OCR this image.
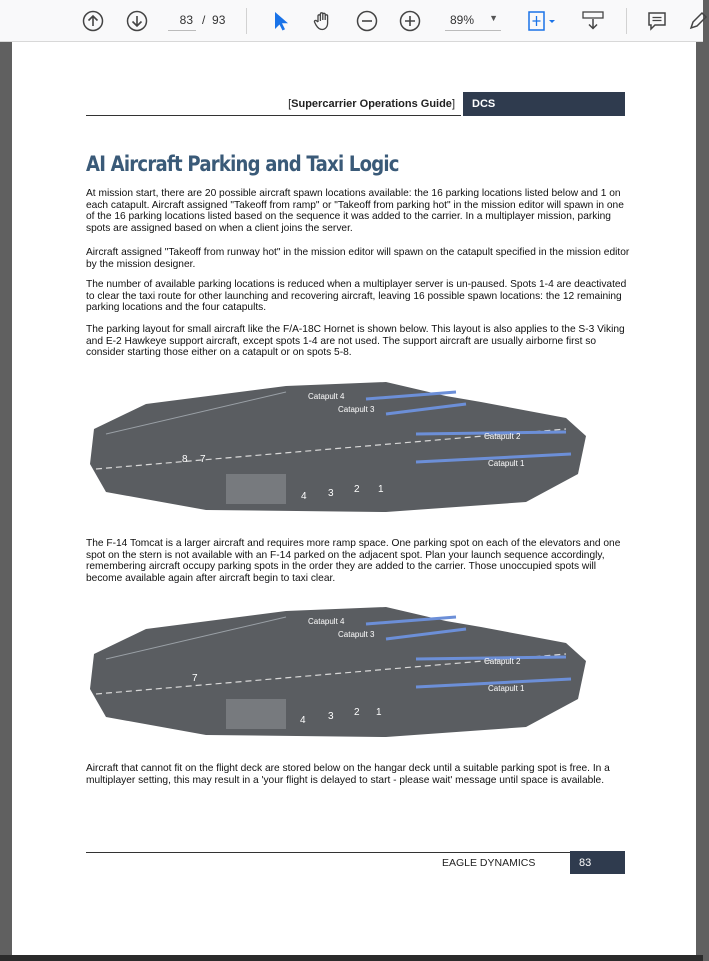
83
/ 93	89% ▼
[Supercarrier Operations Guide]	DCS
AI Aircraft Parking and Taxi Logic

At mission start, there are 20 possible aircraft spawn locations available: the 16 parking locations listed below and 1 on each catapult. Aircraft assigned "Takeoff from ramp" or "Takeoff from parking hot" in the mission editor will spawn in one of the 16 parking locations listed based on the sequence it was added to the carrier. In a multiplayer mission, parking spots are assigned based on when a client joins the server.

Aircraft assigned "Takeoff from runway hot" in the mission editor will spawn on the catapult specified in the mission editor by the mission designer.

The number of available parking locations is reduced when a multiplayer server is un-paused. Spots 1-4 are deactivated to clear the taxi route for other launching and recovering aircraft, leaving 16 possible spawn locations: the 12 remaining parking locations and the four catapults.

The parking layout for small aircraft like the F/A-18C Hornet is shown below. This layout is also applies to the S-3 Viking and E-2 Hawkeye support aircraft, except spots 1-4 are not used. The support aircraft are usually airborne first so consider starting those either on a catapult or on spots 5-8.

Catapult 4
Catapult 3
Catapult 2
Catapult 1
8 7
4 3 2 1
16 15 14 10 9
6 5 13 12 11

The F-14 Tomcat is a larger aircraft and requires more ramp space. One parking spot on each of the elevators and one spot on the stern is not available with an F-14 parked on the adjacent spot. Plan your launch sequence accordingly, remembering aircraft occupy parking spots in the order they are added to the carrier. Those unoccupied spots will become available again after aircraft begin to taxi clear.

Catapult 4
Catapult 3
Catapult 2
Catapult 1
7
4 3 2 1
16	14 9
5 13	11

Aircraft that cannot fit on the flight deck are stored below on the hangar deck until a suitable parking spot is free. In a multiplayer setting, this may result in a 'your flight is delayed to start - please wait' message until space is available.

EAGLE DYNAMICS	83
